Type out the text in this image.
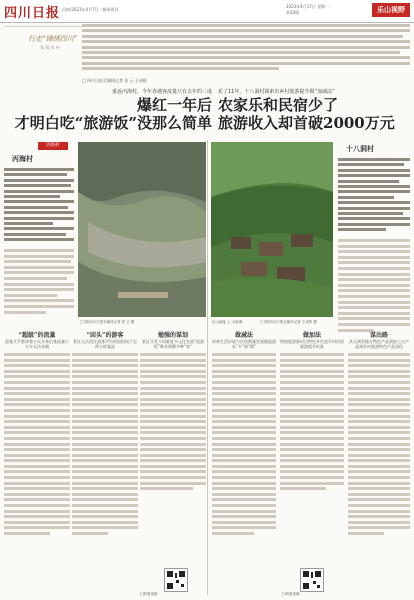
四川日报 河南/2023年4月7日 · 新闻周刊
2023年4月17日 星期一
第20版	乐山视野
行走“锦绣四川”
看 看 你 村
□ 四川日报全媒体记者 张 云 王成栋
重返丙海村，今年春遇客流量只有去年的三成
爆红一年后
才明白吃“旅游饭”没那么简单
花了11年，十八洞村探索出乡村旅游提升级“加减法”
农家乐和民宿少了
旅游收入却首破2000万元
丙海村
丙海村
□ 图/四川日报全媒体记者 张 云 摄
“超级”的流量
游客几乎都冲着小火车来后客流量小火车无法承载
“回头”的游客
景区无法留住游客平均停留时间不足两小时客流
勉强的谋划
景区开发不同难度多元化发展“流游饭”唯有调整多种“家”
扫码看视频
乐山地址 上·大地调	□ 图/四川日报全媒体记者 王成栋 摄
十八洞村
做减法
改善生活环境与民宿数量发展做旅游从“多”到“精”
做加法
增加旅游新项目特色并打造乡村民宿旅游提升标准
扫码看视频
谋出路
从无到有地方特色产品到加工出产品到乡村旅游特色产品深化
